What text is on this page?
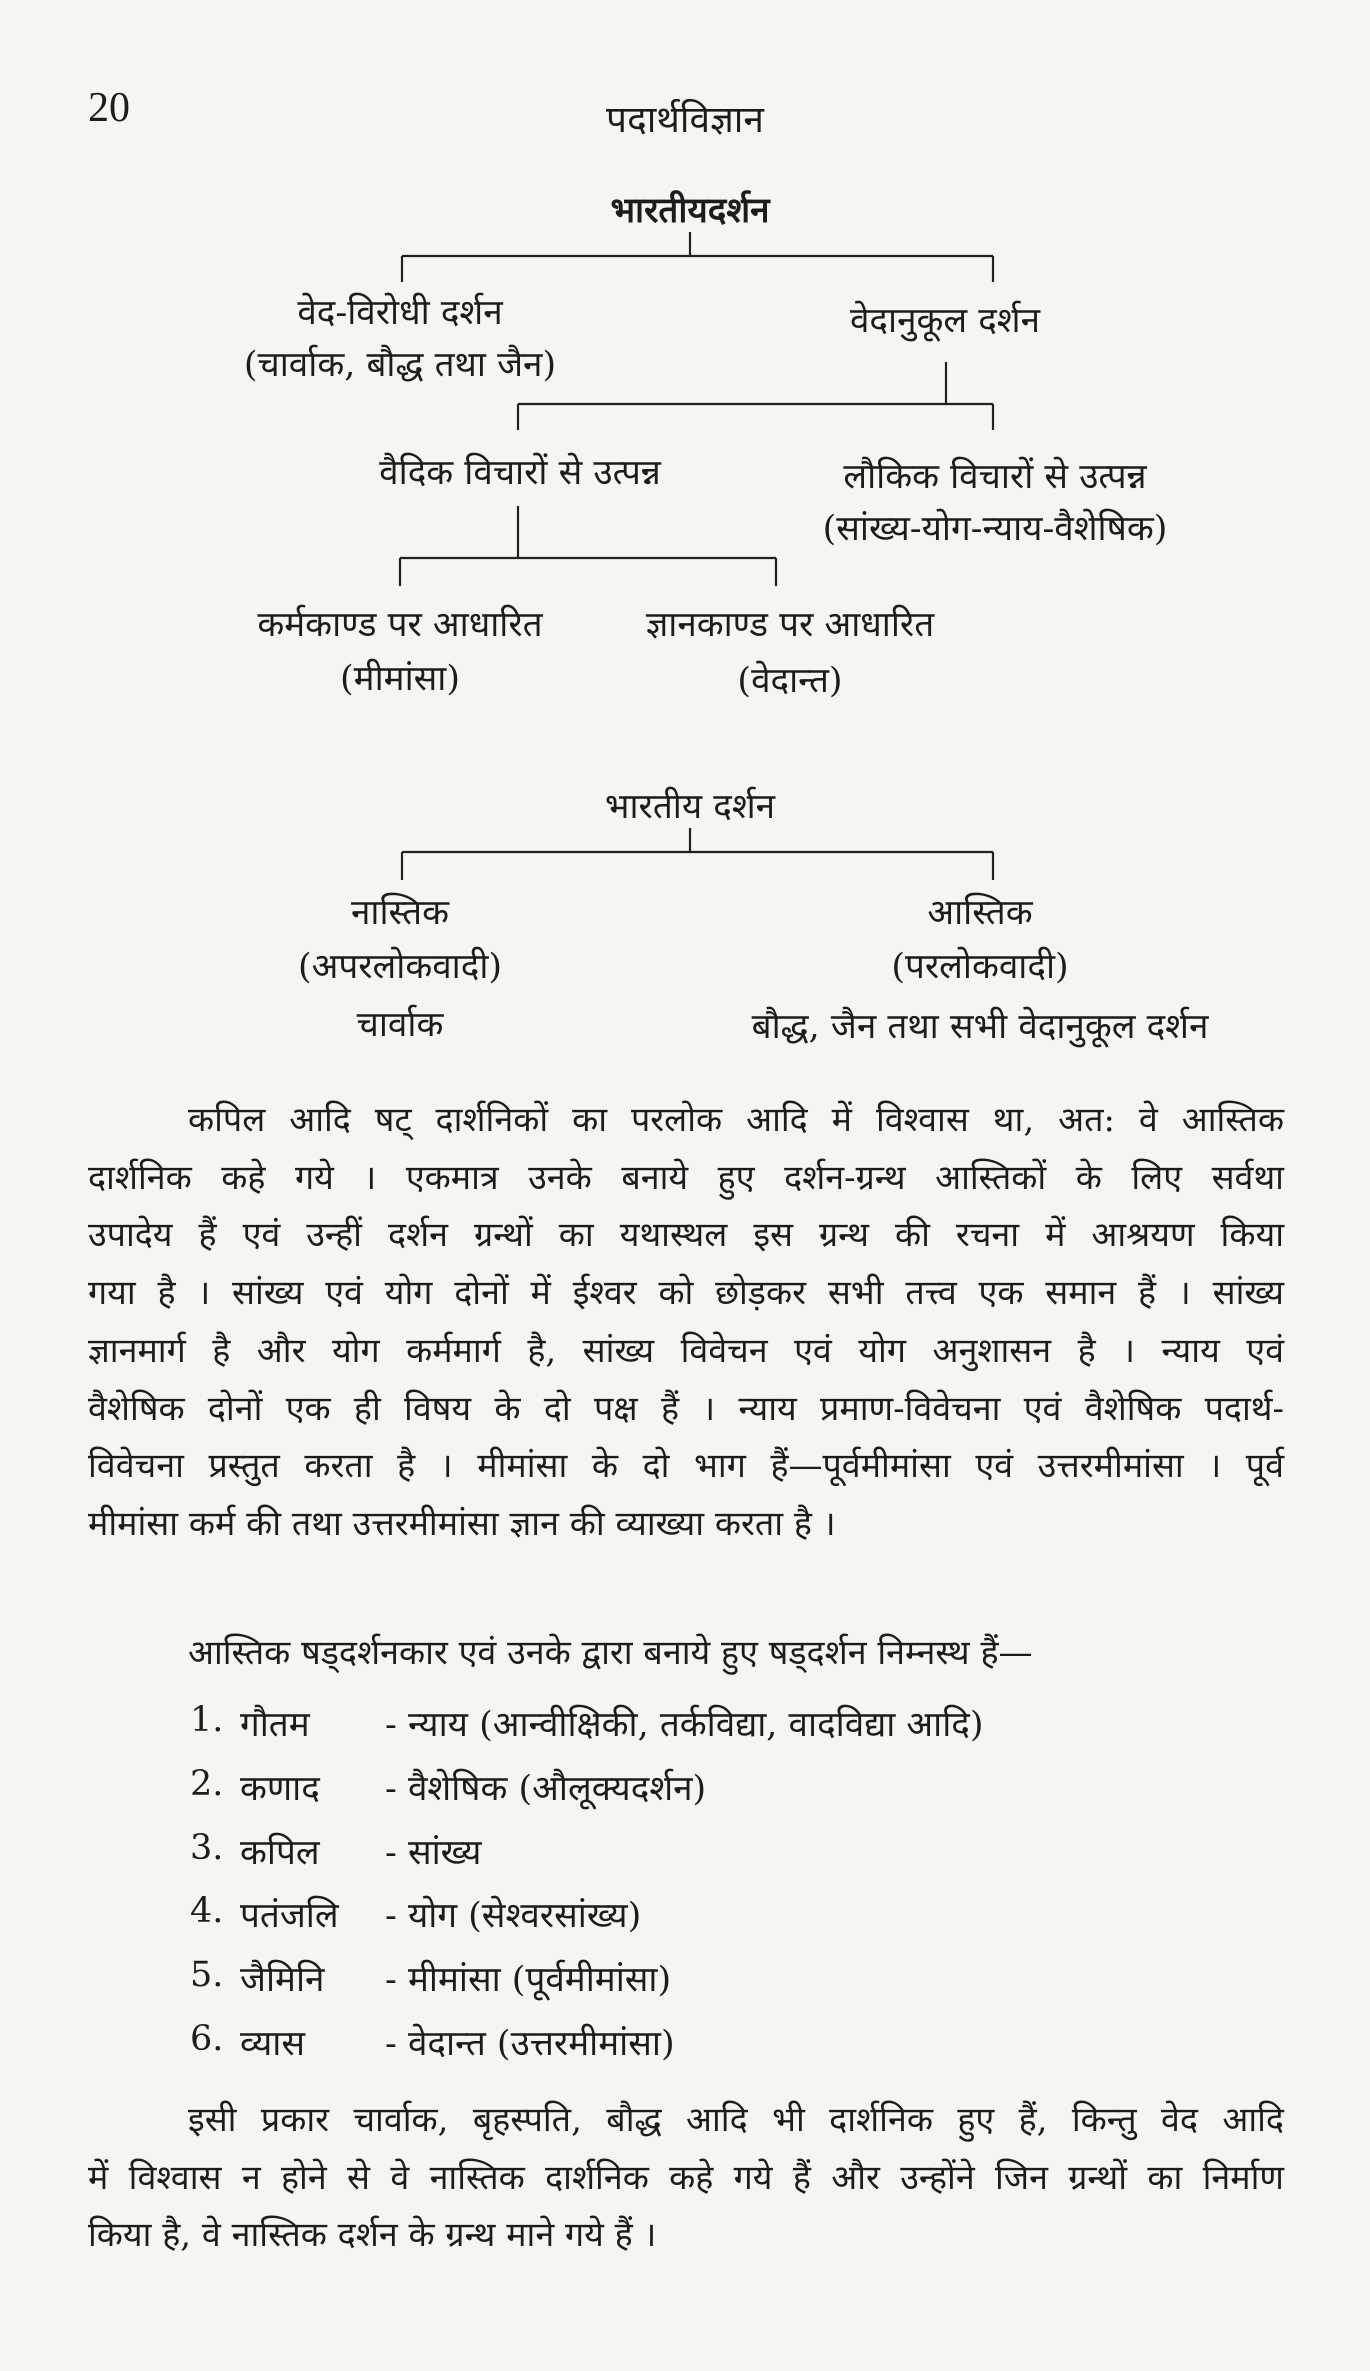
20	पदार्थविज्ञान
भारतीयदर्शन
वेद-विरोधी दर्शन
(चार्वाक, बौद्ध तथा जैन)
वेदानुकूल दर्शन
वैदिक विचारों से उत्पन्न	लौकिक विचारों से उत्पन्न
(सांख्य-योग-न्याय-वैशेषिक)
कर्मकाण्ड पर आधारित
(मीमांसा)
ज्ञानकाण्ड पर आधारित
(वेदान्त)
भारतीय दर्शन
नास्तिक
(अपरलोकवादी)
चार्वाक
आस्तिक
(परलोकवादी)
बौद्ध, जैन तथा सभी वेदानुकूल दर्शन
कपिल आदि षट् दार्शनिकों का परलोक आदि में विश्वास था, अत: वे आस्तिक
दार्शनिक कहे गये । एकमात्र उनके बनाये हुए दर्शन-ग्रन्थ आस्तिकों के लिए सर्वथा
उपादेय हैं एवं उन्हीं दर्शन ग्रन्थों का यथास्थल इस ग्रन्थ की रचना में आश्रयण किया
गया है । सांख्य एवं योग दोनों में ईश्वर को छोड़कर सभी तत्त्व एक समान हैं । सांख्य
ज्ञानमार्ग है और योग कर्ममार्ग है, सांख्य विवेचन एवं योग अनुशासन है । न्याय एवं
वैशेषिक दोनों एक ही विषय के दो पक्ष हैं । न्याय प्रमाण-विवेचना एवं वैशेषिक पदार्थ-
विवेचना प्रस्तुत करता है । मीमांसा के दो भाग हैं—पूर्वमीमांसा एवं उत्तरमीमांसा । पूर्व
मीमांसा कर्म की तथा उत्तरमीमांसा ज्ञान की व्याख्या करता है ।
आस्तिक षड्दर्शनकार एवं उनके द्वारा बनाये हुए षड्दर्शन निम्नस्थ हैं—
1. गौतम - न्याय (आन्वीक्षिकी, तर्कविद्या, वादविद्या आदि)
2. कणाद - वैशेषिक (औलूक्यदर्शन)
3. कपिल - सांख्य
4. पतंजलि - योग (सेश्वरसांख्य)
5. जैमिनि - मीमांसा (पूर्वमीमांसा)
6. व्यास - वेदान्त (उत्तरमीमांसा)
इसी प्रकार चार्वाक, बृहस्पति, बौद्ध आदि भी दार्शनिक हुए हैं, किन्तु वेद आदि
में विश्वास न होने से वे नास्तिक दार्शनिक कहे गये हैं और उन्होंने जिन ग्रन्थों का निर्माण
किया है, वे नास्तिक दर्शन के ग्रन्थ माने गये हैं ।
